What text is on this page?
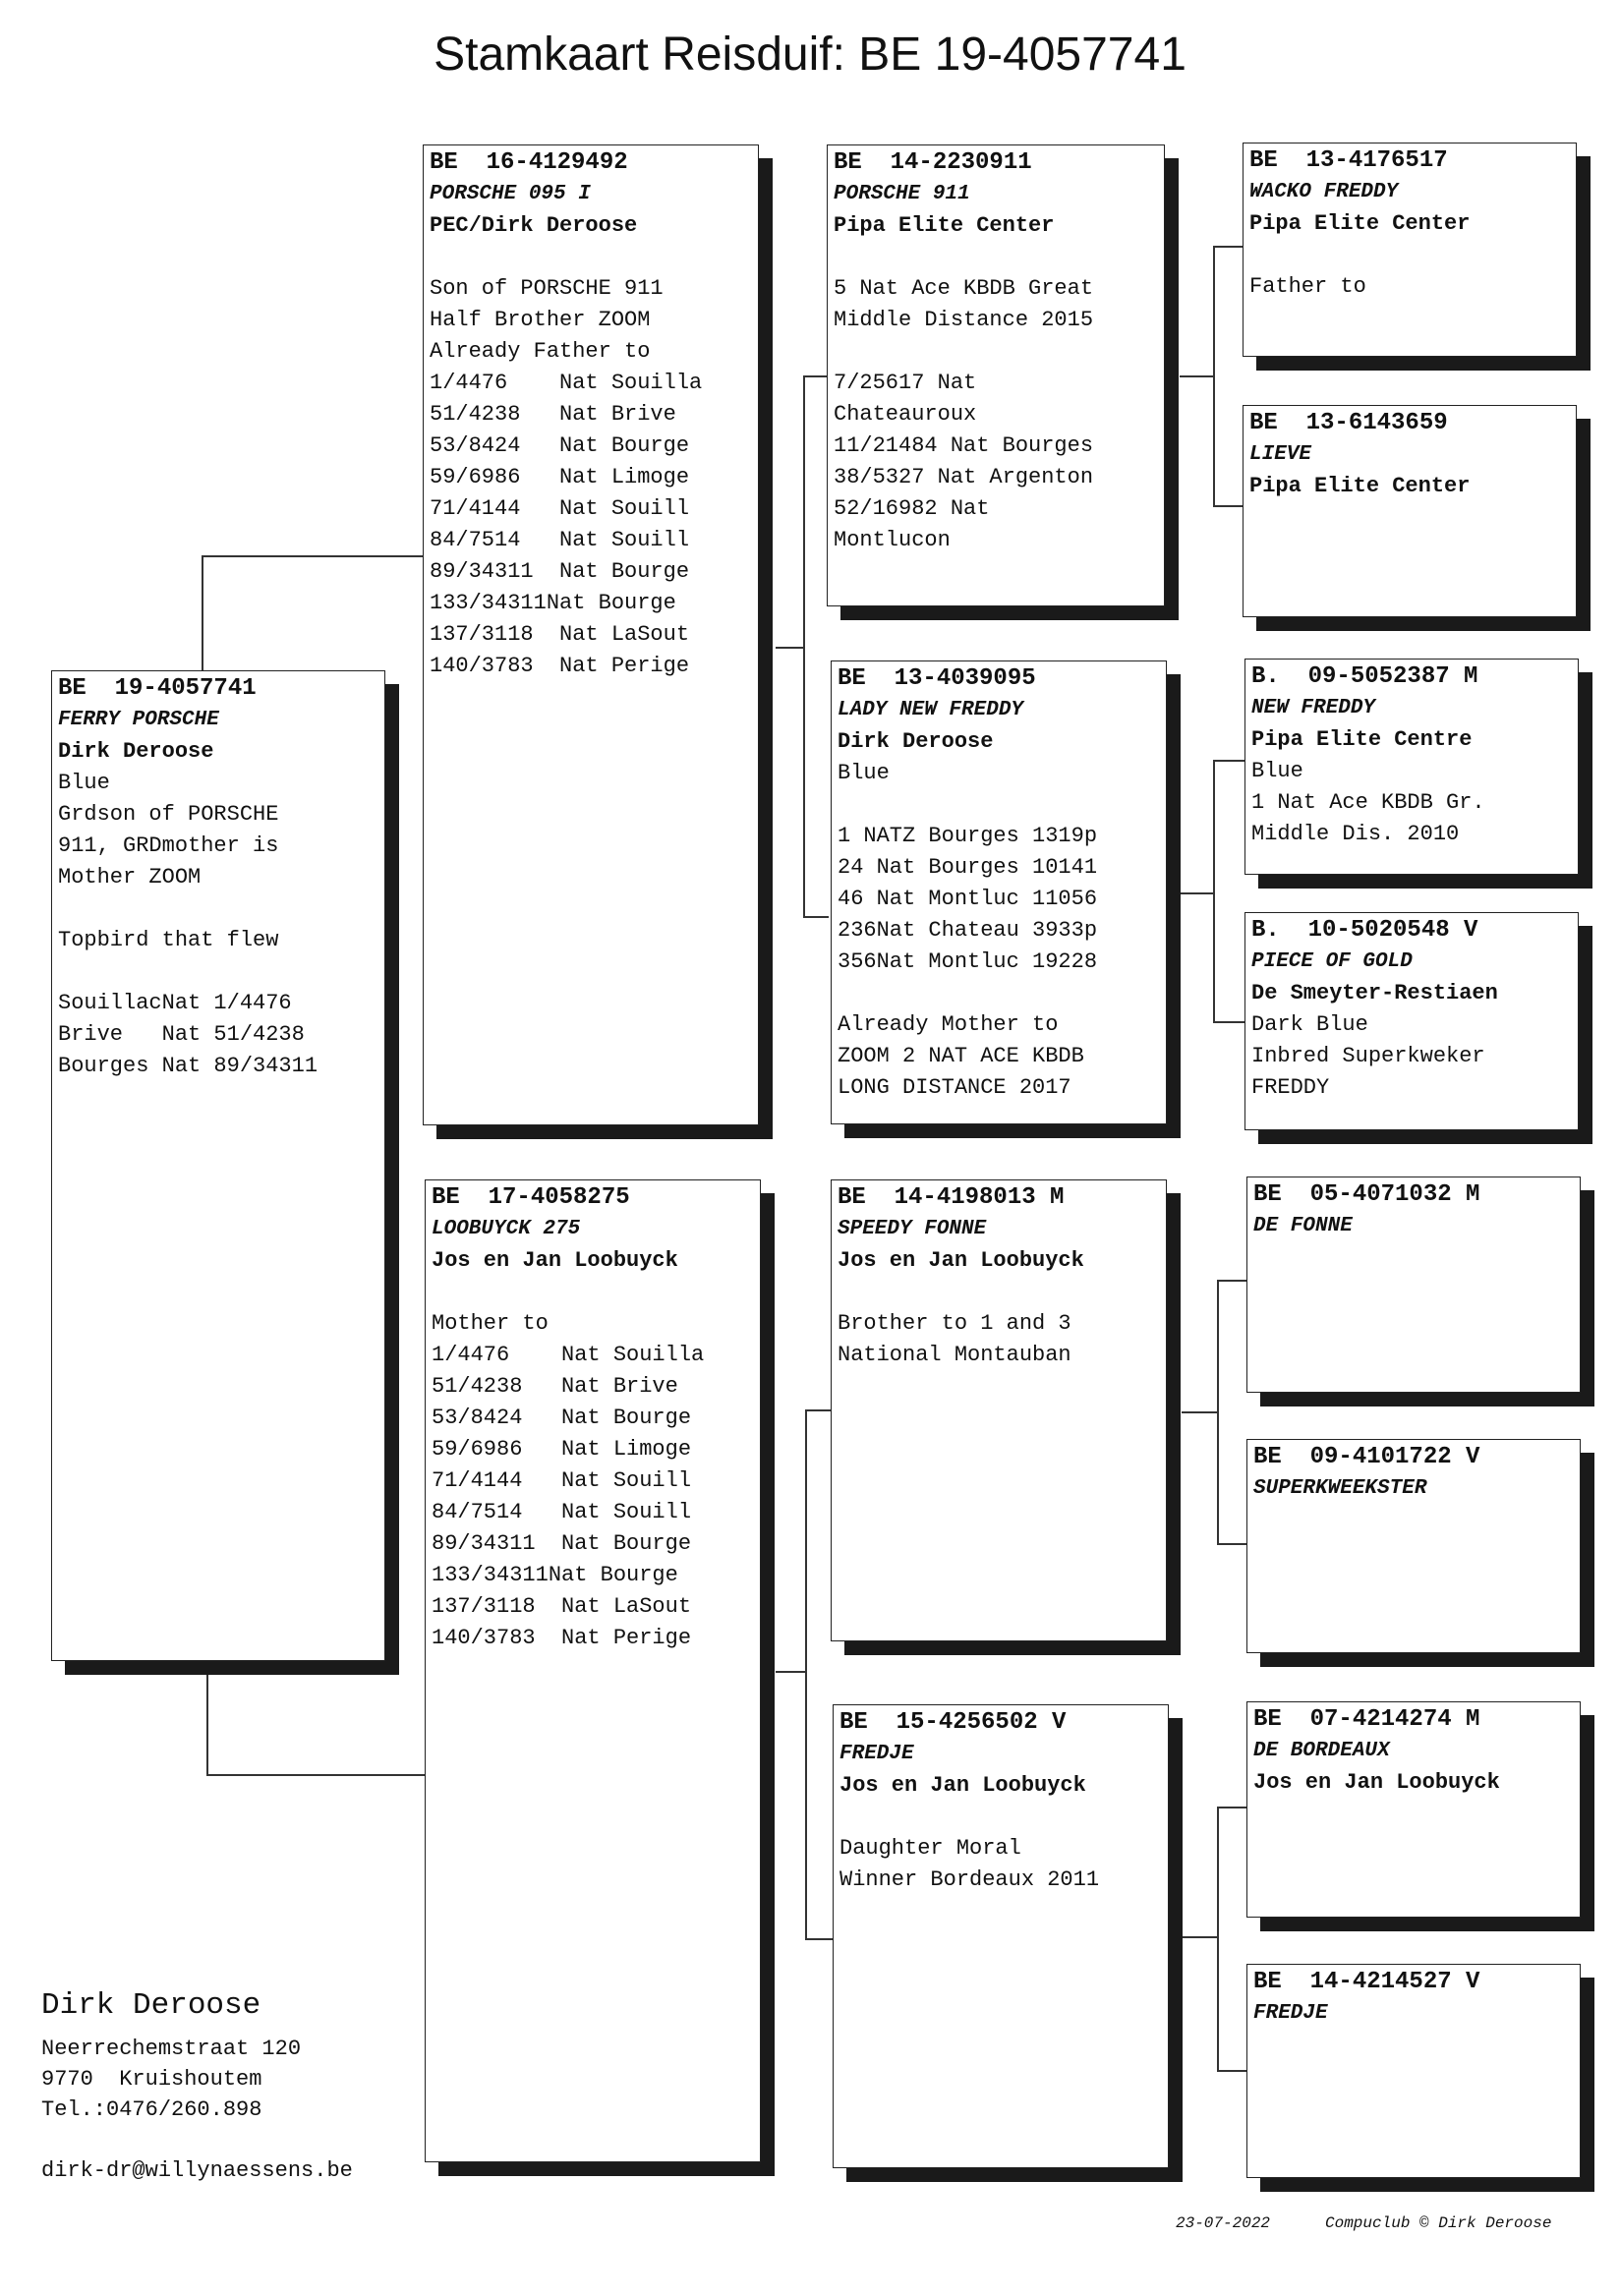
Stamkaart Reisduif: BE 19-4057741
BE  19-4057741
FERRY PORSCHE
Dirk Deroose
Blue
Grdson of PORSCHE
911, GRDmother is
Mother ZOOM
Topbird that flew
SouillacNat 1/4476
Brive   Nat 51/4238
Bourges Nat 89/34311
BE  16-4129492
PORSCHE 095 I
PEC/Dirk Deroose
Son of PORSCHE 911
Half Brother ZOOM
Already Father to
1/4476    Nat Souilla
51/4238   Nat Brive
53/8424   Nat Bourge
59/6986   Nat Limoge
71/4144   Nat Souill
84/7514   Nat Souill
89/34311  Nat Bourge
133/34311Nat Bourge
137/3118  Nat LaSout
140/3783  Nat Perige
BE  17-4058275
LOOBUYCK 275
Jos en Jan Loobuyck
Mother to
1/4476    Nat Souilla
51/4238   Nat Brive
53/8424   Nat Bourge
59/6986   Nat Limoge
71/4144   Nat Souill
84/7514   Nat Souill
89/34311  Nat Bourge
133/34311Nat Bourge
137/3118  Nat LaSout
140/3783  Nat Perige
BE  14-2230911
PORSCHE 911
Pipa Elite Center
5 Nat Ace KBDB Great
Middle Distance 2015
7/25617 Nat
Chateauroux
11/21484 Nat Bourges
38/5327 Nat Argenton
52/16982 Nat
Montlucon
BE  13-4039095
LADY NEW FREDDY
Dirk Deroose
Blue
1 NATZ Bourges 1319p
24 Nat Bourges 10141
46 Nat Montluc 11056
236Nat Chateau 3933p
356Nat Montluc 19228
Already Mother to
ZOOM 2 NAT ACE KBDB
LONG DISTANCE 2017
BE  14-4198013 M
SPEEDY FONNE
Jos en Jan Loobuyck
Brother to 1 and 3
National Montauban
BE  15-4256502 V
FREDJE
Jos en Jan Loobuyck
Daughter Moral
Winner Bordeaux 2011
BE  13-4176517
WACKO FREDDY
Pipa Elite Center
Father to
BE  13-6143659
LIEVE
Pipa Elite Center
B.  09-5052387 M
NEW FREDDY
Pipa Elite Centre
Blue
1 Nat Ace KBDB Gr.
Middle Dis. 2010
B.  10-5020548 V
PIECE OF GOLD
De Smeyter-Restiaen
Dark Blue
Inbred Superkweker
FREDDY
BE  05-4071032 M
DE FONNE
BE  09-4101722 V
SUPERKWEEKSTER
BE  07-4214274 M
DE BORDEAUX
Jos en Jan Loobuyck
BE  14-4214527 V
FREDJE
Dirk Deroose
Neerrechemstraat 120
9770  Kruishoutem
Tel.:0476/260.898
dirk-dr@willynaessens.be
23-07-2022	Compuclub © Dirk Deroose
